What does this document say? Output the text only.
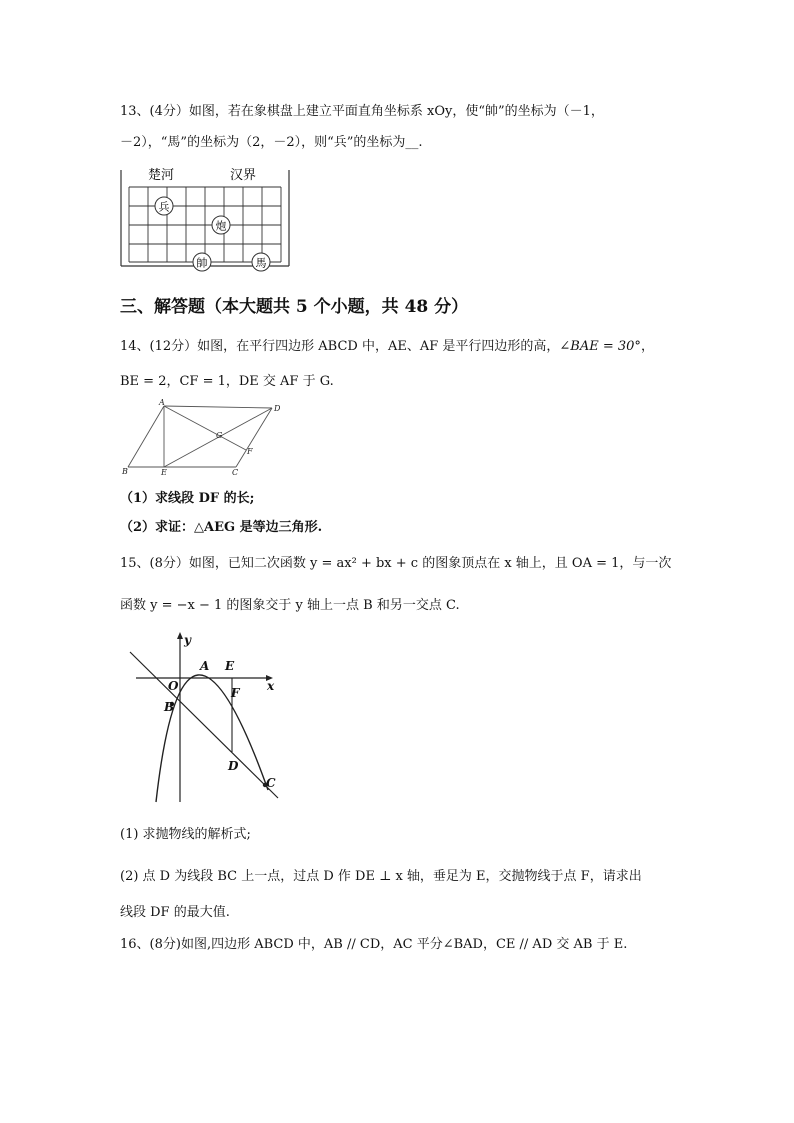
13、(4分）如图，若在象棋盘上建立平面直角坐标系 xOy，使“帥”的坐标为（－1，
－2），“馬”的坐标为（2，－2），则“兵”的坐标为__.
楚河	汉界
兵
炮
帥	馬
三、解答题（本大题共 5 个小题，共 48 分）
14、(12分）如图，在平行四边形 ABCD 中，AE、AF 是平行四边形的高，∠BAE = 30°，
BE = 2，CF = 1，DE 交 AF 于 G.
A
D
B	E	C
F
G
（1）求线段 DF 的长;
（2）求证：△AEG 是等边三角形.
15、(8分）如图，已知二次函数 y = ax² + bx + c 的图象顶点在 x 轴上，且 OA = 1，与一次
函数 y = −x − 1 的图象交于 y 轴上一点 B 和另一交点 C.
y
x
O
A E
F
B
D
C
(1) 求抛物线的解析式;
(2) 点 D 为线段 BC 上一点，过点 D 作 DE ⊥ x 轴，垂足为 E，交抛物线于点 F，请求出
线段 DF 的最大值.
16、(8分)如图,四边形 ABCD 中，AB // CD，AC 平分∠BAD，CE // AD 交 AB 于 E.
